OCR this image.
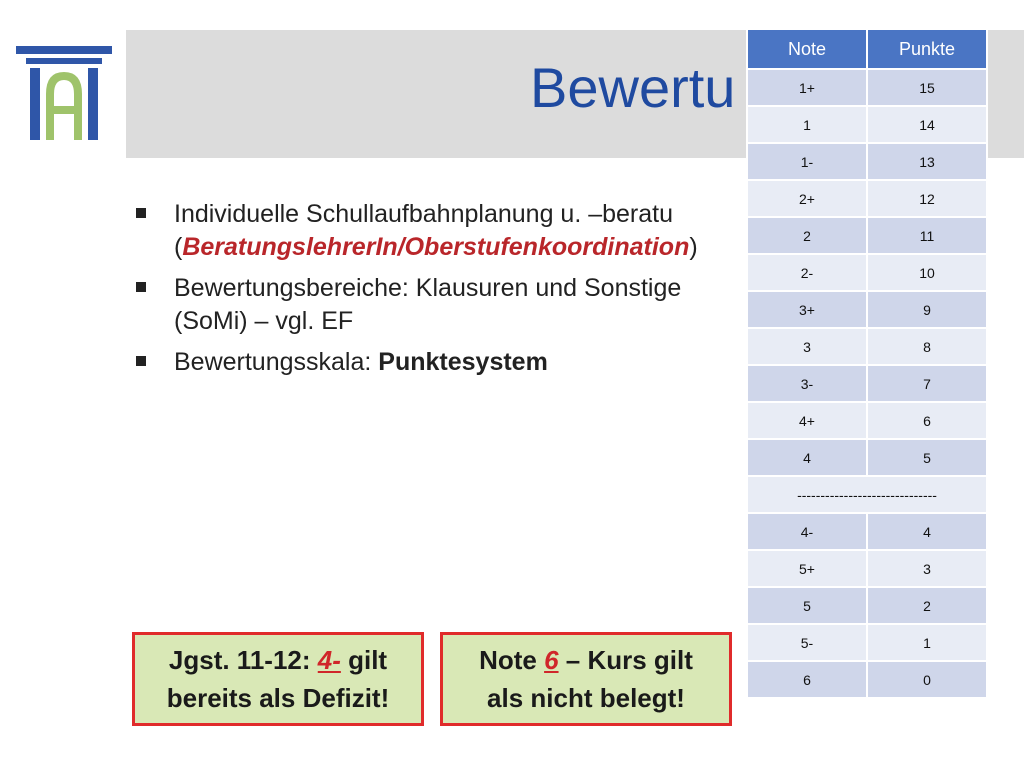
Bewertu
Individuelle Schullaufbahnplanung u. –beratu
(BeratungslehrerIn/Oberstufenkoordination)
Bewertungsbereiche: Klausuren und Sonstige
(SoMi) – vgl. EF
Bewertungsskala: Punktesystem
Note	Punkte
1+	15
1	14
1-	13
2+	12
2	11
2-	10
3+	9
3	8
3-	7
4+	6
4	5
------------------------------	
4-	4
5+	3
5	2
5-	1
6	0
Jgst. 11-12: 4- gilt
bereits als Defizit!
Note 6 – Kurs gilt
als nicht belegt!
